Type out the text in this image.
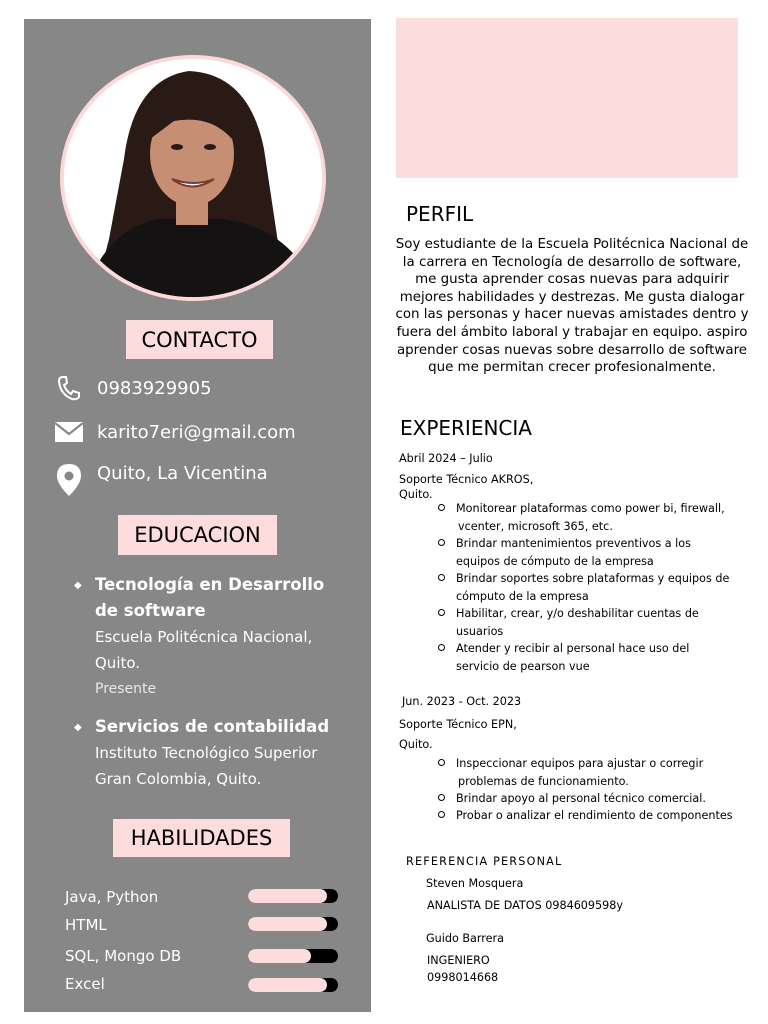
CONTACTO
0983929905
karito7eri@gmail.com
Quito, La Vicentina
EDUCACION
◆ Tecnología en Desarrollo
de software
Escuela Politécnica Nacional,
Quito.
Presente
◆ Servicios de contabilidad
Instituto Tecnológico Superior
Gran Colombia, Quito.
HABILIDADES
Java, Python
HTML
SQL, Mongo DB
Excel
PERFIL
Soy estudiante de la Escuela Politécnica Nacional de la carrera en Tecnología de desarrollo de software, me gusta aprender cosas nuevas para adquirir mejores habilidades y destrezas. Me gusta dialogar con las personas y hacer nuevas amistades dentro y fuera del ámbito laboral y trabajar en equipo. aspiro aprender cosas nuevas sobre desarrollo de software que me permitan crecer profesionalmente.
EXPERIENCIA
Abril 2024 – Julio
Soporte Técnico AKROS,
Quito.
Monitorear plataformas como power bi, firewall,
vcenter, microsoft 365, etc.
Brindar mantenimientos preventivos a los
equipos de cómputo de la empresa
Brindar soportes sobre plataformas y equipos de
cómputo de la empresa
Habilitar, crear, y/o deshabilitar cuentas de
usuarios
Atender y recibir al personal hace uso del
servicio de pearson vue
Jun. 2023 - Oct. 2023
Soporte Técnico EPN,
Quito.
Inspeccionar equipos para ajustar o corregir
problemas de funcionamiento.
Brindar apoyo al personal técnico comercial.
Probar o analizar el rendimiento de componentes
REFERENCIA PERSONAL
Steven Mosquera
ANALISTA DE DATOS 0984609598y
Guido Barrera
INGENIERO
0998014668
